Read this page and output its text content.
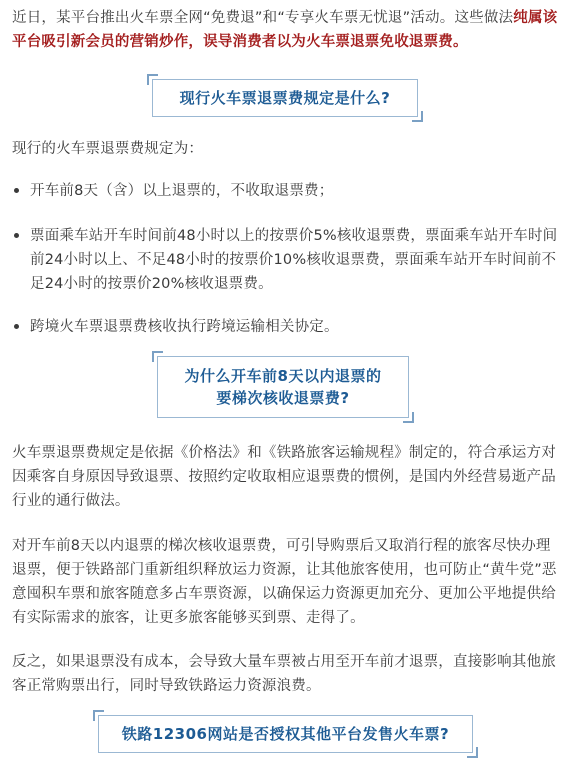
近日，某平台推出火车票全网“免费退”和“专享火车票无忧退”活动。这些做法纯属该平台吸引新会员的营销炒作，误导消费者以为火车票退票免收退票费。

现行火车票退票费规定是什么?

现行的火车票退票费规定为：

开车前8天（含）以上退票的，不收取退票费；
票面乘车站开车时间前48小时以上的按票价5%核收退票费，票面乘车站开车时间前24小时以上、不足48小时的按票价10%核收退票费，票面乘车站开车时间前不足24小时的按票价20%核收退票费。
跨境火车票退票费核收执行跨境运输相关协定。
为什么开车前8天以内退票的
要梯次核收退票费?

火车票退票费规定是依据《价格法》和《铁路旅客运输规程》制定的，符合承运方对因乘客自身原因导致退票、按照约定收取相应退票费的惯例，是国内外经营易逝产品行业的通行做法。

对开车前8天以内退票的梯次核收退票费，可引导购票后又取消行程的旅客尽快办理退票，便于铁路部门重新组织释放运力资源，让其他旅客使用，也可防止“黄牛党”恶意囤积车票和旅客随意多占车票资源，以确保运力资源更加充分、更加公平地提供给有实际需求的旅客，让更多旅客能够买到票、走得了。

反之，如果退票没有成本，会导致大量车票被占用至开车前才退票，直接影响其他旅客正常购票出行，同时导致铁路运力资源浪费。

铁路12306网站是否授权其他平台发售火车票?
